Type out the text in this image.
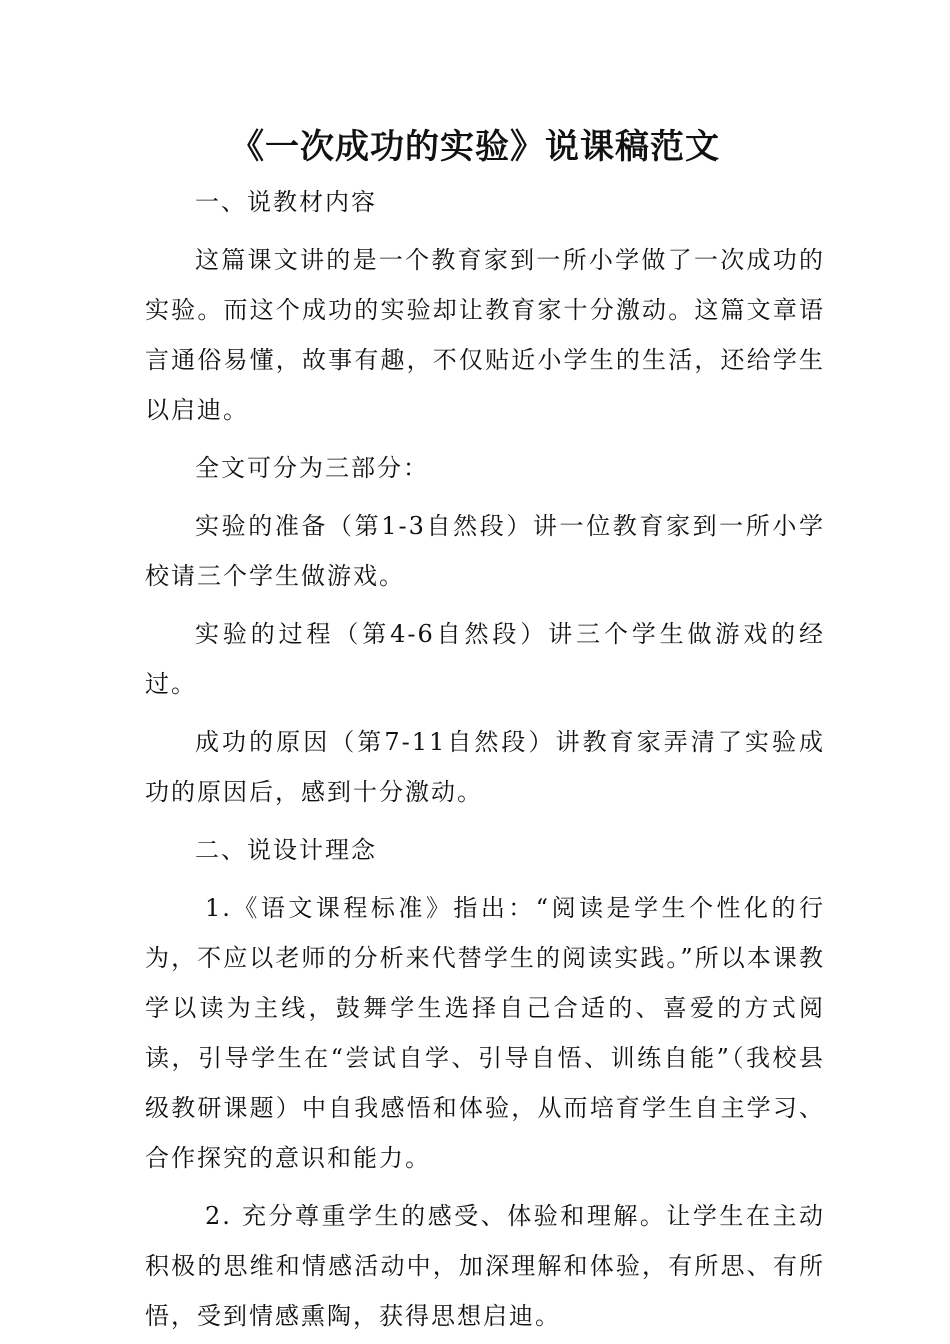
《一次成功的实验》说课稿范文

一、说教材内容

这篇课文讲的是一个教育家到一所小学做了一次成功的实验。而这个成功的实验却让教育家十分激动。这篇文章语言通俗易懂，故事有趣，不仅贴近小学生的生活，还给学生以启迪。

全文可分为三部分：

实验的准备（第1-3自然段）讲一位教育家到一所小学校请三个学生做游戏。

实验的过程（第4-6自然段）讲三个学生做游戏的经过。

成功的原因（第7-11自然段）讲教育家弄清了实验成功的原因后，感到十分激动。

二、说设计理念

1.《语文课程标准》指出：“阅读是学生个性化的行为，不应以老师的分析来代替学生的阅读实践。”所以本课教学以读为主线，鼓舞学生选择自己合适的、喜爱的方式阅读，引导学生在“尝试自学、引导自悟、训练自能”（我校县级教研课题）中自我感悟和体验，从而培育学生自主学习、合作探究的意识和能力。

2. 充分尊重学生的感受、体验和理解。让学生在主动积极的思维和情感活动中，加深理解和体验，有所思、有所悟，受到情感熏陶，获得思想启迪。
